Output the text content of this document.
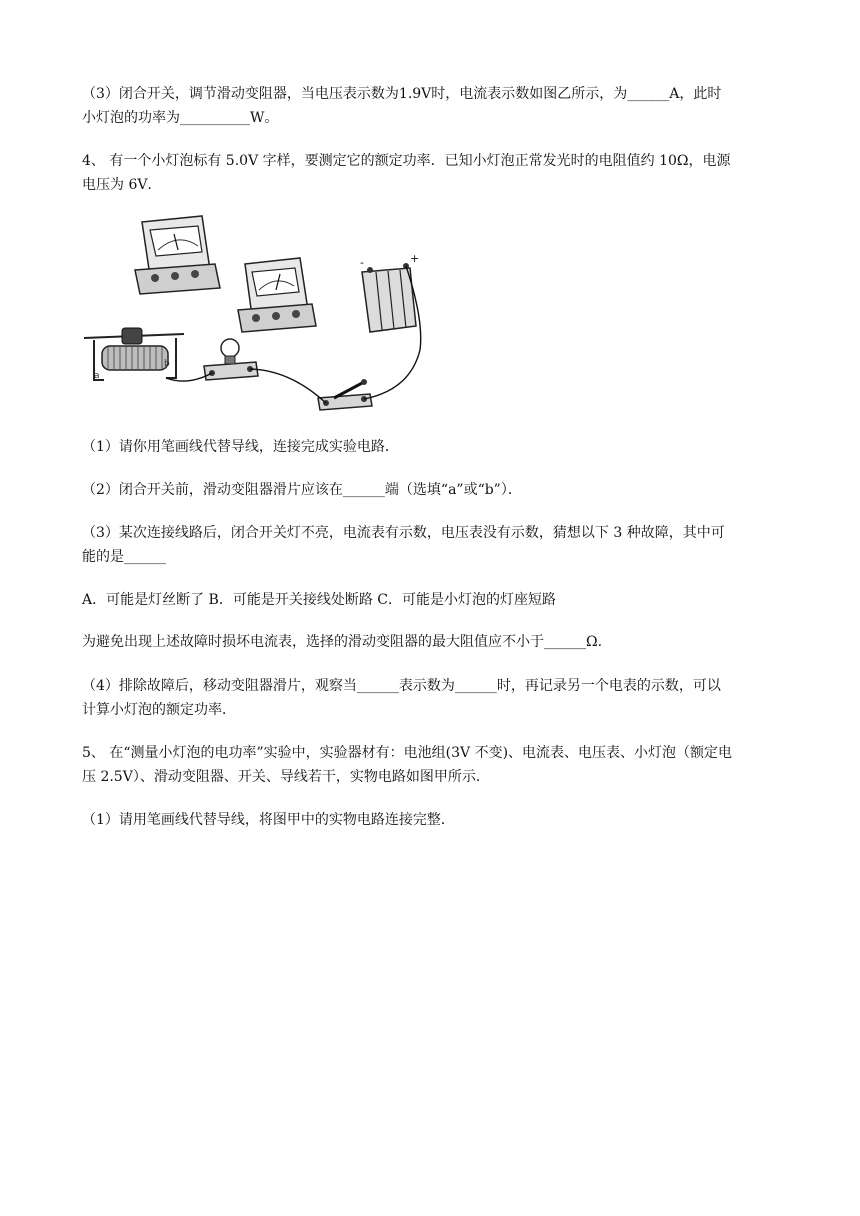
（3）闭合开关，调节滑动变阻器，当电压表示数为1.9V时，电流表示数如图乙所示，为______A，此时
小灯泡的功率为__________W。
4、 有一个小灯泡标有 5.0V 字样，要测定它的额定功率．已知小灯泡正常发光时的电阻值约 10Ω，电源
电压为 6V．
-	+
a
b
（1）请你用笔画线代替导线，连接完成实验电路．
（2）闭合开关前，滑动变阻器滑片应该在______端（选填“a”或“b”）．
（3）某次连接线路后，闭合开关灯不亮，电流表有示数，电压表没有示数，猜想以下 3 种故障，其中可
能的是______
A．可能是灯丝断了 B．可能是开关接线处断路 C．可能是小灯泡的灯座短路
为避免出现上述故障时损坏电流表，选择的滑动变阻器的最大阻值应不小于______Ω.
（4）排除故障后，移动变阻器滑片，观察当______表示数为______时，再记录另一个电表的示数，可以
计算小灯泡的额定功率．
5、 在“测量小灯泡的电功率”实验中，实验器材有：电池组(3V 不变)、电流表、电压表、小灯泡（额定电
压 2.5V）、滑动变阻器、开关、导线若干，实物电路如图甲所示．
（1）请用笔画线代替导线，将图甲中的实物电路连接完整．
